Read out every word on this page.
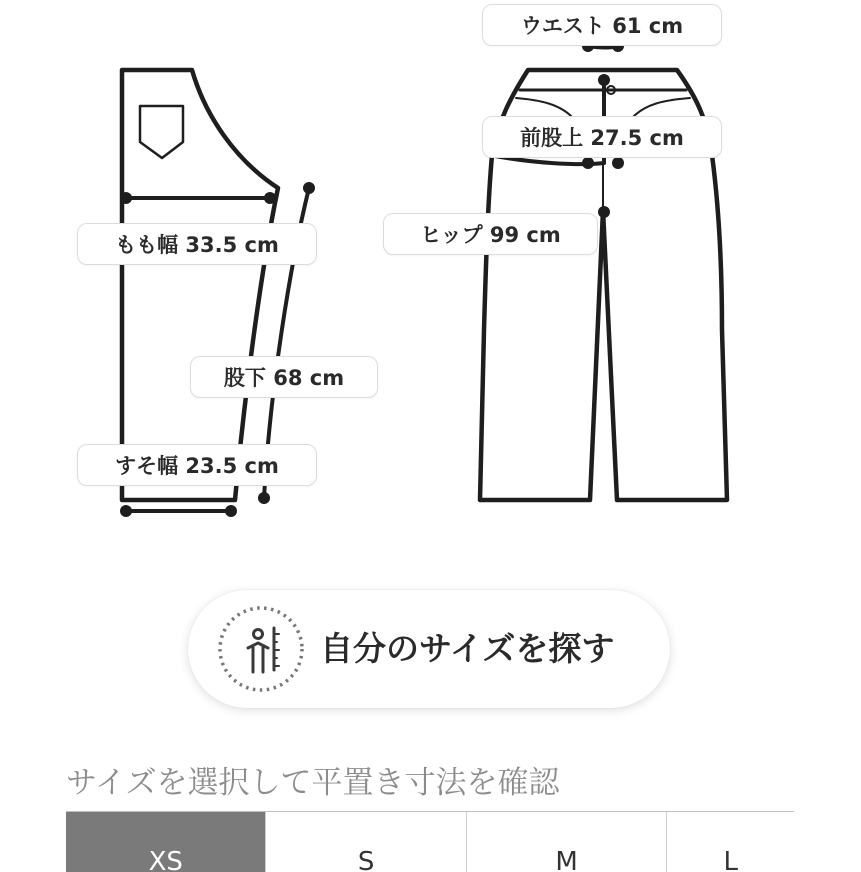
ウエスト 61 cm
前股上 27.5 cm
ヒップ 99 cm
もも幅 33.5 cm
股下 68 cm
すそ幅 23.5 cm
自分のサイズを探す
サイズを選択して平置き寸法を確認
XS	S	M	L
